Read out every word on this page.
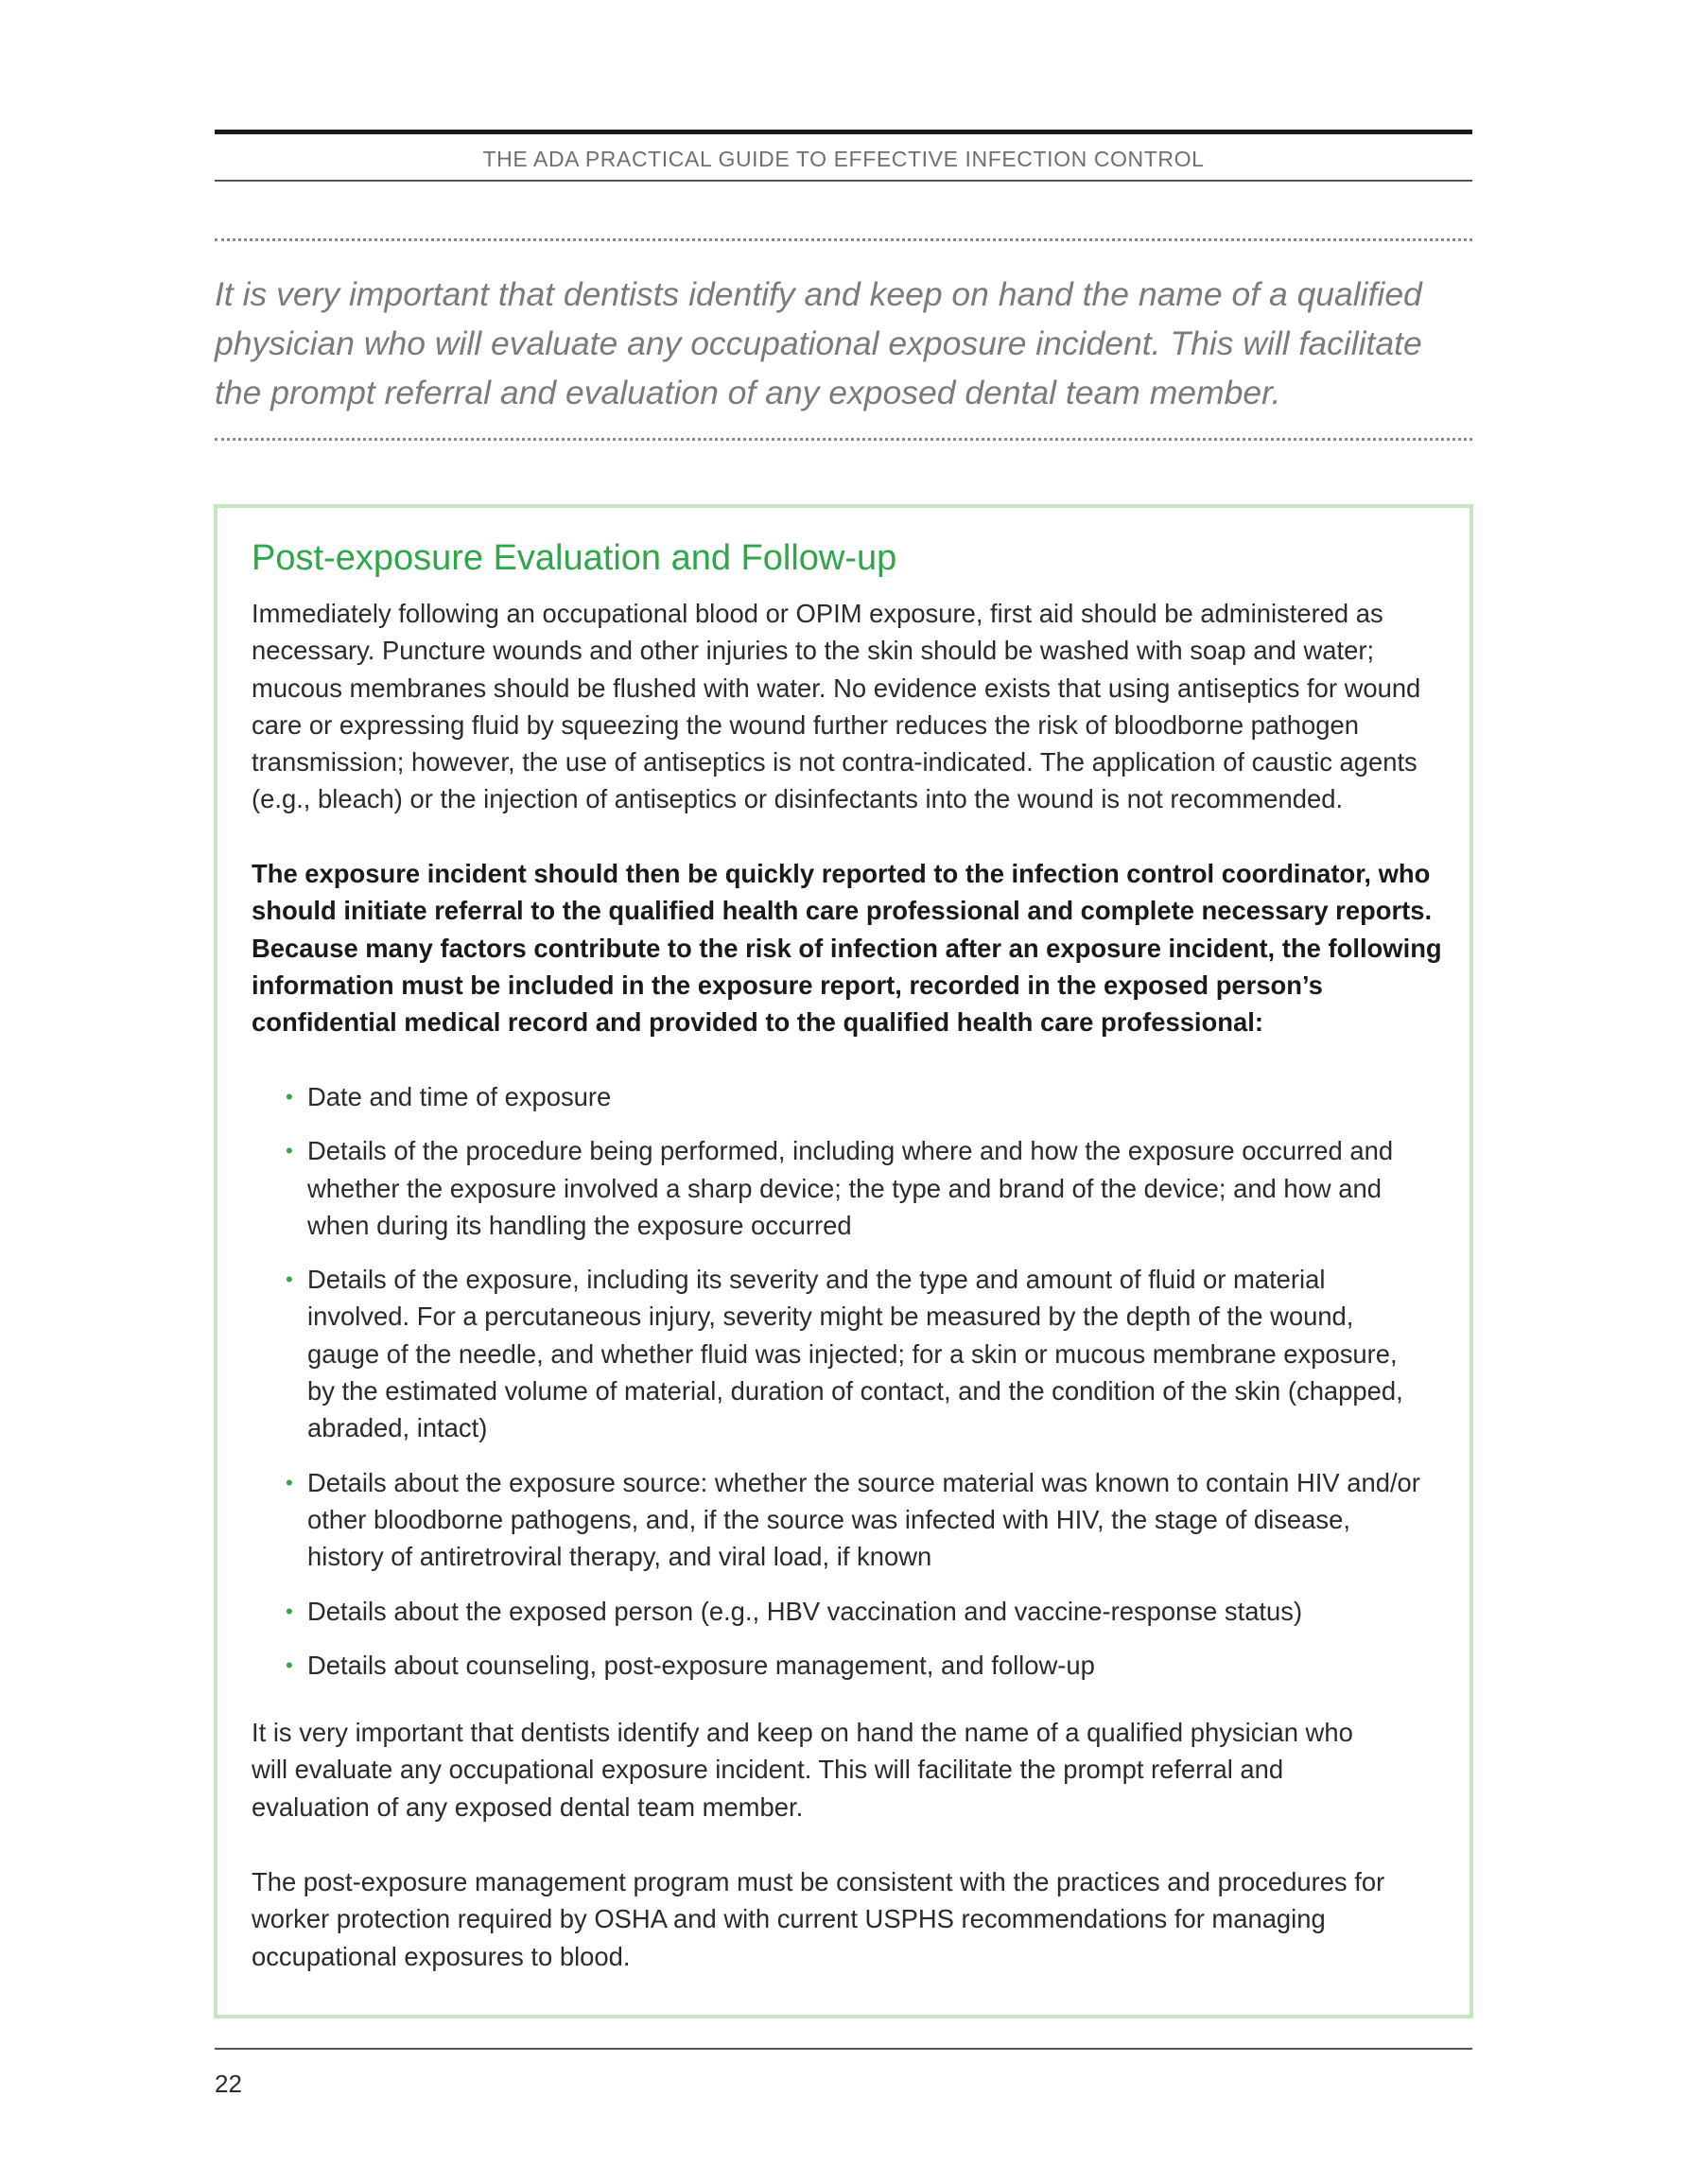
THE ADA PRACTICAL GUIDE TO EFFECTIVE INFECTION CONTROL
It is very important that dentists identify and keep on hand the name of a qualified physician who will evaluate any occupational exposure incident. This will facilitate the prompt referral and evaluation of any exposed dental team member.
Post-exposure Evaluation and Follow-up
Immediately following an occupational blood or OPIM exposure, first aid should be administered as necessary. Puncture wounds and other injuries to the skin should be washed with soap and water; mucous membranes should be flushed with water. No evidence exists that using antiseptics for wound care or expressing fluid by squeezing the wound further reduces the risk of bloodborne pathogen transmission; however, the use of antiseptics is not contra-indicated. The application of caustic agents (e.g., bleach) or the injection of antiseptics or disinfectants into the wound is not recommended.
The exposure incident should then be quickly reported to the infection control coordinator, who should initiate referral to the qualified health care professional and complete necessary reports. Because many factors contribute to the risk of infection after an exposure incident, the following information must be included in the exposure report, recorded in the exposed person’s confidential medical record and provided to the qualified health care professional:
• Date and time of exposure
• Details of the procedure being performed, including where and how the exposure occurred and whether the exposure involved a sharp device; the type and brand of the device; and how and when during its handling the exposure occurred
• Details of the exposure, including its severity and the type and amount of fluid or material involved. For a percutaneous injury, severity might be measured by the depth of the wound, gauge of the needle, and whether fluid was injected; for a skin or mucous membrane exposure, by the estimated volume of material, duration of contact, and the condition of the skin (chapped, abraded, intact)
• Details about the exposure source: whether the source material was known to contain HIV and/or other bloodborne pathogens, and, if the source was infected with HIV, the stage of disease, history of antiretroviral therapy, and viral load, if known
• Details about the exposed person (e.g., HBV vaccination and vaccine-response status)
• Details about counseling, post-exposure management, and follow-up
It is very important that dentists identify and keep on hand the name of a qualified physician who will evaluate any occupational exposure incident. This will facilitate the prompt referral and evaluation of any exposed dental team member.
The post-exposure management program must be consistent with the practices and procedures for worker protection required by OSHA and with current USPHS recommendations for managing occupational exposures to blood.
22
